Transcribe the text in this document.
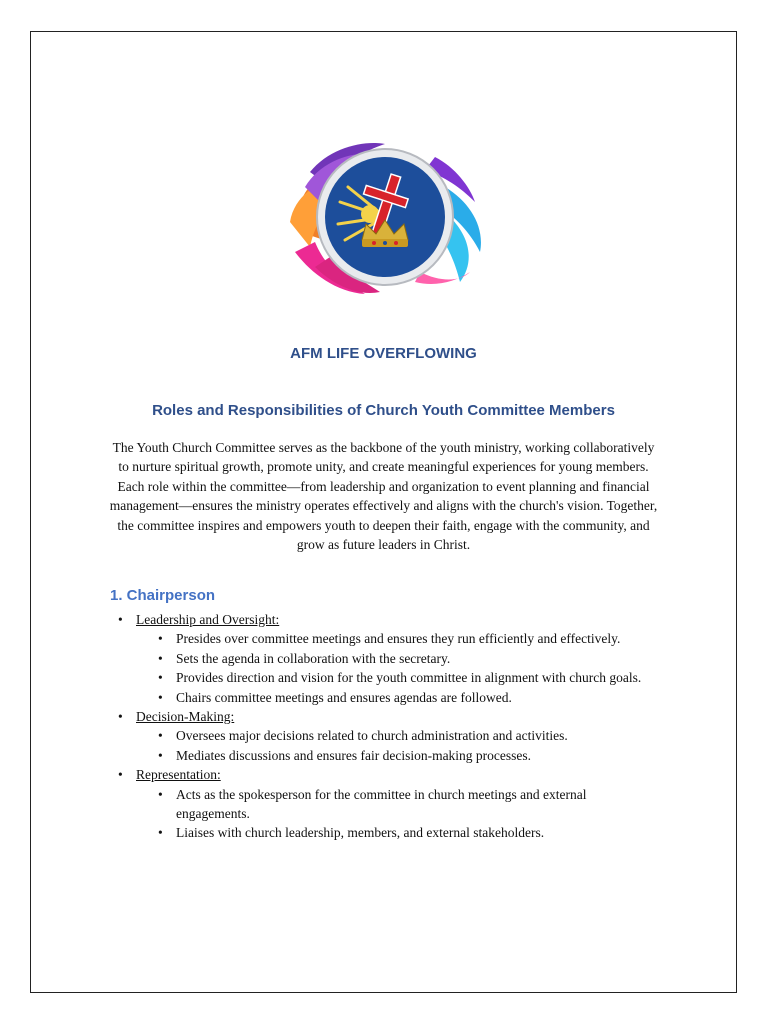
AFM LIFE OVERFLOWING
Roles and Responsibilities of Church Youth Committee Members

The Youth Church Committee serves as the backbone of the youth ministry, working collaboratively to nurture spiritual growth, promote unity, and create meaningful experiences for young members. Each role within the committee—from leadership and organization to event planning and financial management—ensures the ministry operates effectively and aligns with the church's vision. Together, the committee inspires and empowers youth to deepen their faith, engage with the community, and grow as future leaders in Christ.

1. Chairperson
• Leadership and Oversight:
• Presides over committee meetings and ensures they run efficiently and effectively.
• Sets the agenda in collaboration with the secretary.
• Provides direction and vision for the youth committee in alignment with church goals.
• Chairs committee meetings and ensures agendas are followed.
• Decision-Making:
• Oversees major decisions related to church administration and activities.
• Mediates discussions and ensures fair decision-making processes.
• Representation:
• Acts as the spokesperson for the committee in church meetings and external engagements.
• Liaises with church leadership, members, and external stakeholders.
